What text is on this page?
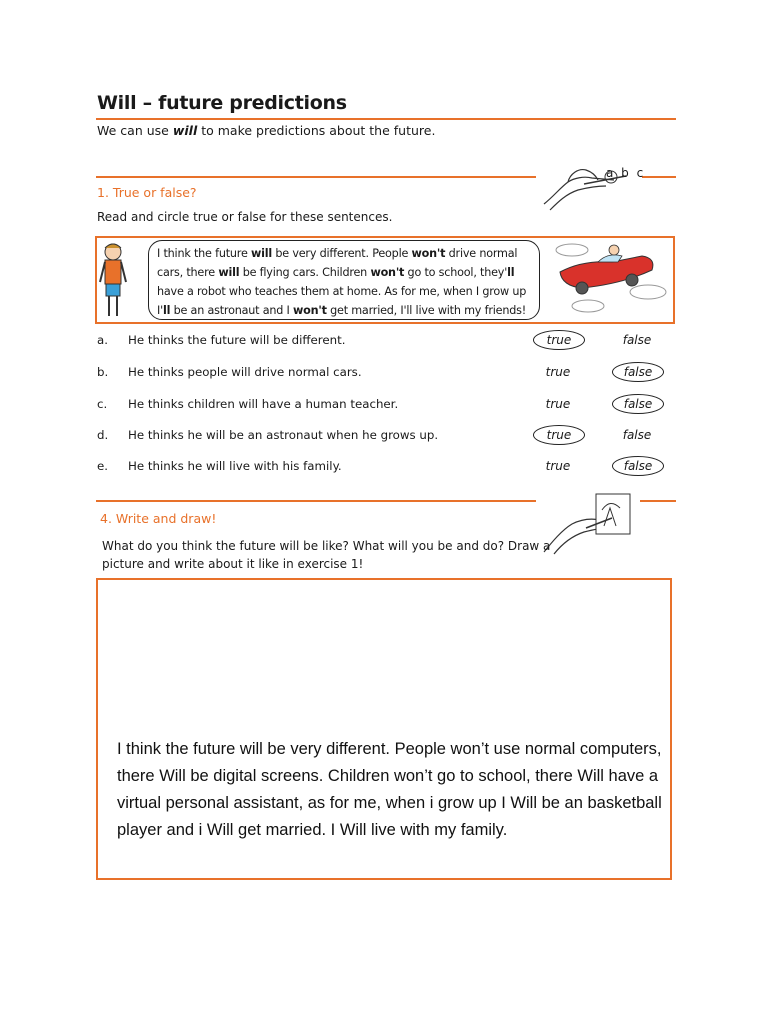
Will – future predictions
We can use will to make predictions about the future.
a b c
1. True or false?
Read and circle true or false for these sentences.
I think the future will be very different. People won't drive normal cars, there will be flying cars. Children won't go to school, they'll have a robot who teaches them at home. As for me, when I grow up I'll be an astronaut and I won't get married, I'll live with my friends!
a. He thinks the future will be different.	true	false
b. He thinks people will drive normal cars.	true	false
c. He thinks children will have a human teacher.	true	false
d. He thinks he will be an astronaut when he grows up.	true	false
e. He thinks he will live with his family.	true	false
4. Write and draw!
What do you think the future will be like? What will you be and do? Draw a
picture and write about it like in exercise 1!
I think the future will be very different. People won’t use normal computers, there Will be digital screens. Children won’t go to school, there Will have a virtual personal assistant, as for me, when i grow up I Will be an basketball player and i Will get married. I Will live with my family.
